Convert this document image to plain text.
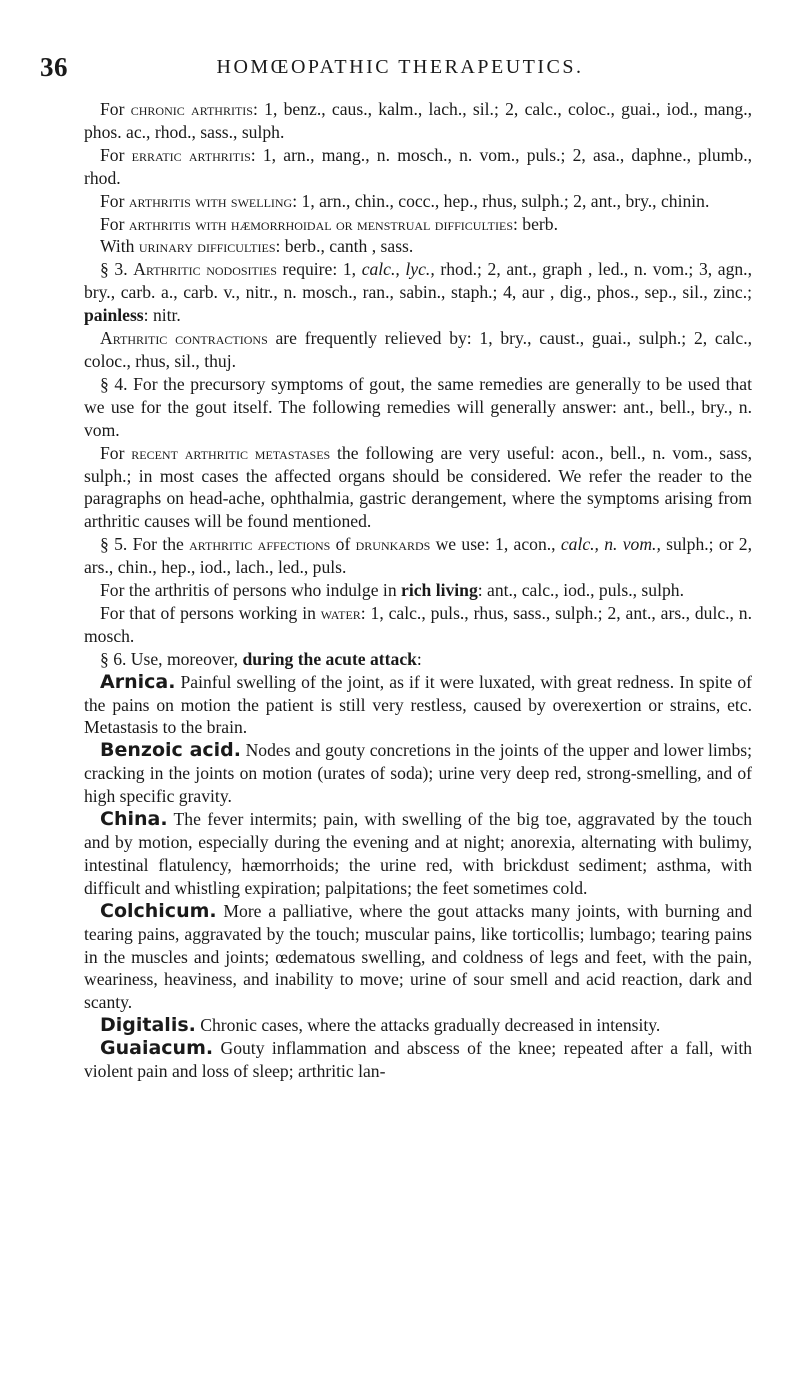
36	HOMŒOPATHIC THERAPEUTICS.

For chronic arthritis: 1, benz., caus., kalm., lach., sil.; 2, calc., coloc., guai., iod., mang., phos. ac., rhod., sass., sulph.

For erratic arthritis: 1, arn., mang., n. mosch., n. vom., puls.; 2, asa., daphne., plumb., rhod.

For arthritis with swelling: 1, arn., chin., cocc., hep., rhus, sulph.; 2, ant., bry., chinin.

For arthritis with hæmorrhoidal or menstrual difficulties: berb.

With urinary difficulties: berb., canth , sass.

§ 3. Arthritic nodosities require: 1, calc., lyc., rhod.; 2, ant., graph , led., n. vom.; 3, agn., bry., carb. a., carb. v., nitr., n. mosch., ran., sabin., staph.; 4, aur , dig., phos., sep., sil., zinc.; painless: nitr.

Arthritic contractions are frequently relieved by: 1, bry., caust., guai., sulph.; 2, calc., coloc., rhus, sil., thuj.

§ 4. For the precursory symptoms of gout, the same remedies are generally to be used that we use for the gout itself. The following remedies will generally answer: ant., bell., bry., n. vom.

For recent arthritic metastases the following are very useful: acon., bell., n. vom., sass, sulph.; in most cases the affected organs should be considered. We refer the reader to the paragraphs on head-ache, ophthalmia, gastric derangement, where the symptoms arising from arthritic causes will be found mentioned.

§ 5. For the arthritic affections of drunkards we use: 1, acon., calc., n. vom., sulph.; or 2, ars., chin., hep., iod., lach., led., puls.

For the arthritis of persons who indulge in rich living: ant., calc., iod., puls., sulph.

For that of persons working in water: 1, calc., puls., rhus, sass., sulph.; 2, ant., ars., dulc., n. mosch.

§ 6. Use, moreover, during the acute attack:

Arnica. Painful swelling of the joint, as if it were luxated, with great redness. In spite of the pains on motion the patient is still very restless, caused by overexertion or strains, etc. Metastasis to the brain.

Benzoic acid. Nodes and gouty concretions in the joints of the upper and lower limbs; cracking in the joints on motion (urates of soda); urine very deep red, strong-smelling, and of high specific gravity.

China. The fever intermits; pain, with swelling of the big toe, aggravated by the touch and by motion, especially during the evening and at night; anorexia, alternating with bulimy, intestinal flatulency, hæmorrhoids; the urine red, with brickdust sediment; asthma, with difficult and whistling expiration; palpitations; the feet sometimes cold.

Colchicum. More a palliative, where the gout attacks many joints, with burning and tearing pains, aggravated by the touch; muscular pains, like torticollis; lumbago; tearing pains in the muscles and joints; œdematous swelling, and coldness of legs and feet, with the pain, weariness, heaviness, and inability to move; urine of sour smell and acid reaction, dark and scanty.

Digitalis. Chronic cases, where the attacks gradually decreased in intensity.

Guaiacum. Gouty inflammation and abscess of the knee; repeated after a fall, with violent pain and loss of sleep; arthritic lan-
